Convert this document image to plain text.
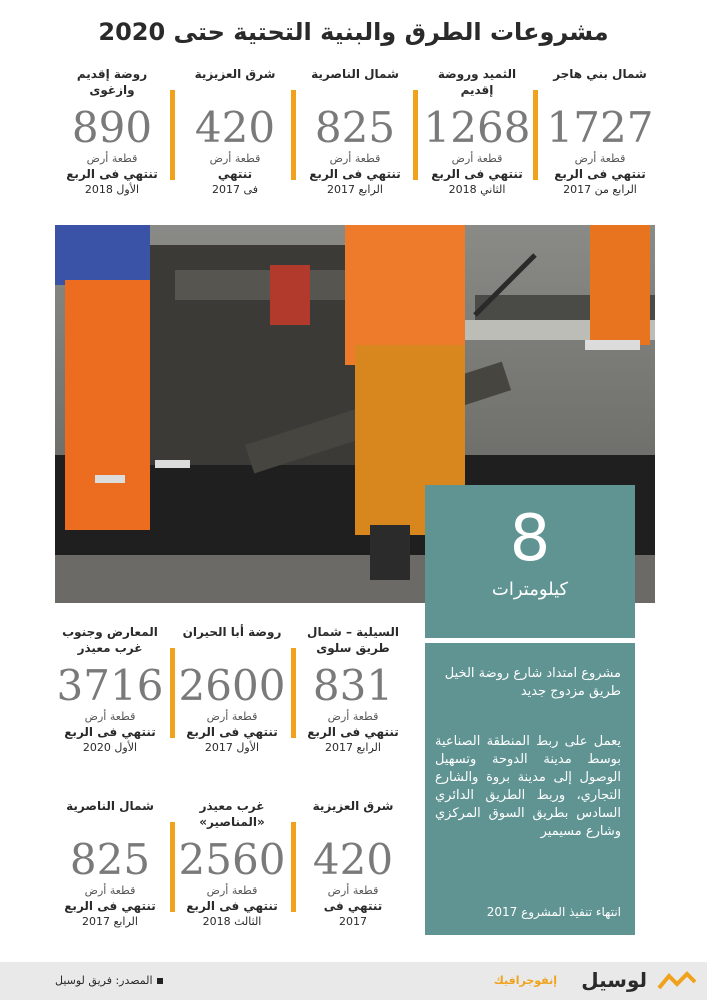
مشروعات الطرق والبنية التحتية حتى 2020
شمال بني هاجر
1727
قطعة أرض
تنتهي فى الربع
الرابع من 2017
الثميد وروضة إقديم
1268
قطعة أرض
تنتهي فى الربع
الثاني 2018
شمال الناصرية
825
قطعة أرض
تنتهي فى الربع
الرابع 2017
شرق العزيزية
420
قطعة أرض
تنتهي
فى 2017
روضة إقديم وازغوى
890
قطعة أرض
تنتهي فى الربع
الأول 2018
8
كيلومترات
مشروع امتداد شارع روضة الخيل طريق مزدوج جديد
يعمل على ربط المنطقة الصناعية بوسط مدينة الدوحة وتسهيل الوصول إلى مدينة بروة والشارع التجاري، وربط الطريق الدائري السادس بطريق السوق المركزي وشارع مسيمير
انتهاء تنفيذ المشروع 2017
السيلية – شمال طريق سلوى
831
قطعة أرض
تنتهي فى الربع
الرابع 2017
روضة أبا الحيران
2600
قطعة أرض
تنتهي فى الربع
الأول 2017
المعارض وجنوب غرب معيذر
3716
قطعة أرض
تنتهي فى الربع
الأول 2020
شرق العزيزية
420
قطعة أرض
تنتهي فى
2017
غرب معيذر «المناصير»
2560
قطعة أرض
تنتهي فى الربع
الثالث 2018
شمال الناصرية
825
قطعة أرض
تنتهي فى الربع
الرابع 2017
المصدر: فريق لوسيل	إنفوجرافيك لوسيل
